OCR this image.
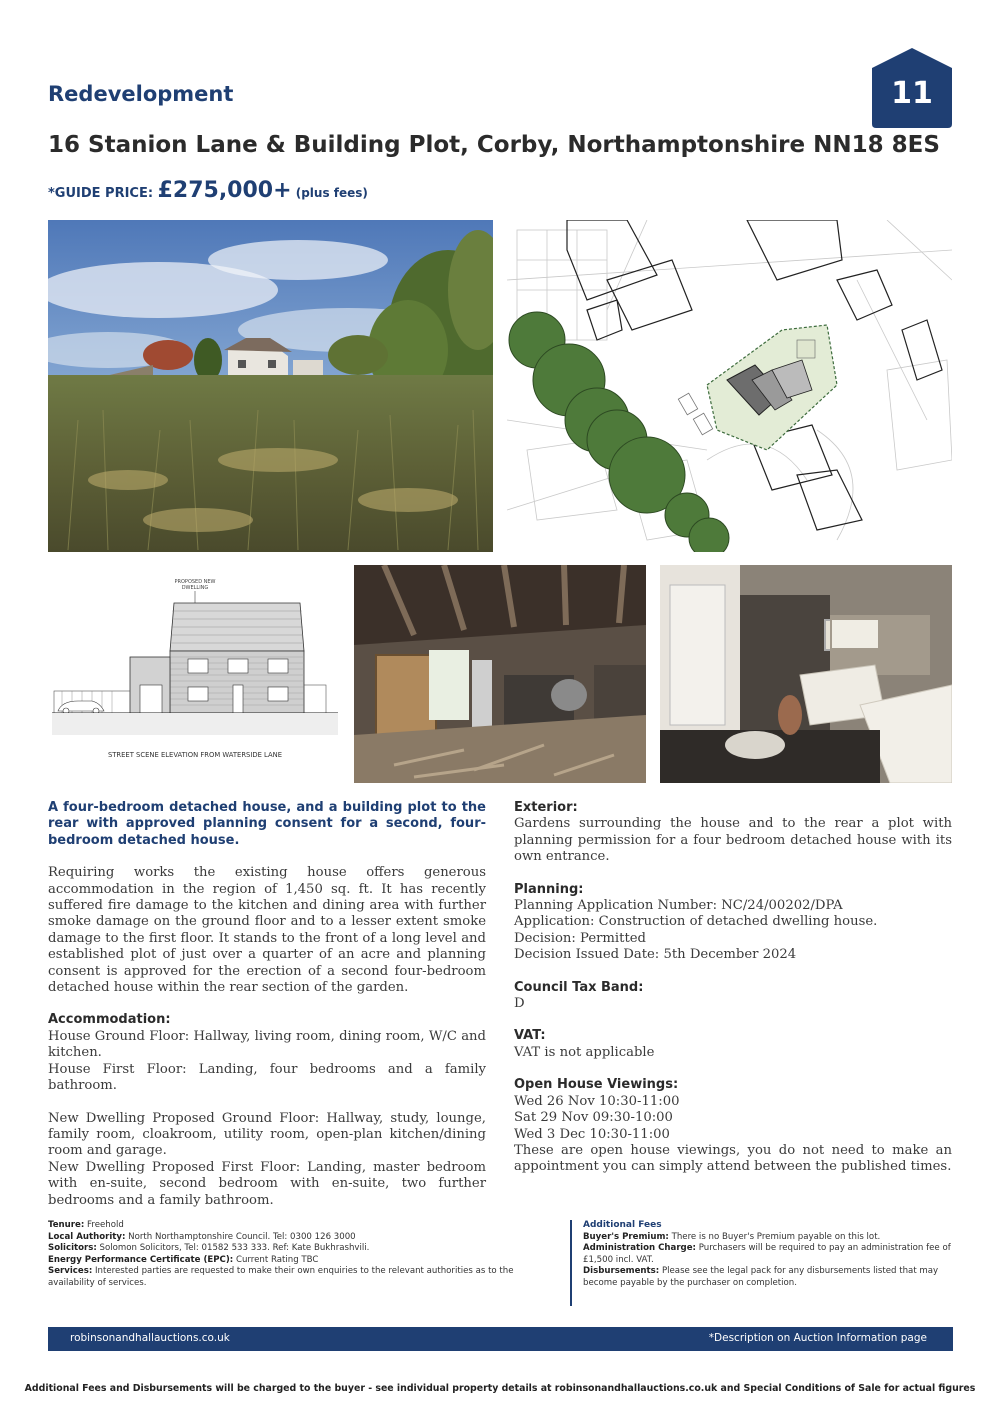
Redevelopment	11
16 Stanion Lane & Building Plot, Corby, Northamptonshire NN18 8ES
*GUIDE PRICE: £275,000+ (plus fees)
PROPOSED NEW
DWELLING
STREET SCENE ELEVATION FROM WATERSIDE LANE
A four-bedroom detached house, and a building plot to the rear with approved planning consent for a second, four-bedroom detached house.
Requiring works the existing house offers generous accommodation in the region of 1,450 sq. ft. It has recently suffered fire damage to the kitchen and dining area with further smoke damage on the ground floor and to a lesser extent smoke damage to the first floor. It stands to the front of a long level and established plot of just over a quarter of an acre and planning consent is approved for the erection of a second four-bedroom detached house within the rear section of the garden.
Accommodation:
House Ground Floor: Hallway, living room, dining room, W/C and kitchen.
House First Floor: Landing, four bedrooms and a family bathroom.
New Dwelling Proposed Ground Floor: Hallway, study, lounge, family room, cloakroom, utility room, open-plan kitchen/dining room and garage.
New Dwelling Proposed First Floor: Landing, master bedroom with en-suite, second bedroom with en-suite, two further bedrooms and a family bathroom.
Exterior:
Gardens surrounding the house and to the rear a plot with planning permission for a four bedroom detached house with its own entrance.
Planning:
Planning Application Number: NC/24/00202/DPA
Application: Construction of detached dwelling house.
Decision: Permitted
Decision Issued Date: 5th December 2024
Council Tax Band:
D
VAT:
VAT is not applicable
Open House Viewings:
Wed 26 Nov 10:30-11:00
Sat 29 Nov 09:30-10:00
Wed 3 Dec 10:30-11:00
These are open house viewings, you do not need to make an appointment you can simply attend between the published times.
Tenure: Freehold
Local Authority: North Northamptonshire Council. Tel: 0300 126 3000
Solicitors: Solomon Solicitors, Tel: 01582 533 333. Ref: Kate Bukhrashvili.
Energy Performance Certificate (EPC): Current Rating TBC
Services: Interested parties are requested to make their own enquiries to the relevant authorities as to the availability of services.
Additional Fees
Buyer's Premium: There is no Buyer's Premium payable on this lot.
Administration Charge: Purchasers will be required to pay an administration fee of £1,500 incl. VAT.
Disbursements: Please see the legal pack for any disbursements listed that may become payable by the purchaser on completion.
robinsonandhallauctions.co.uk	*Description on Auction Information page
Additional Fees and Disbursements will be charged to the buyer - see individual property details at robinsonandhallauctions.co.uk and Special Conditions of Sale for actual figures
